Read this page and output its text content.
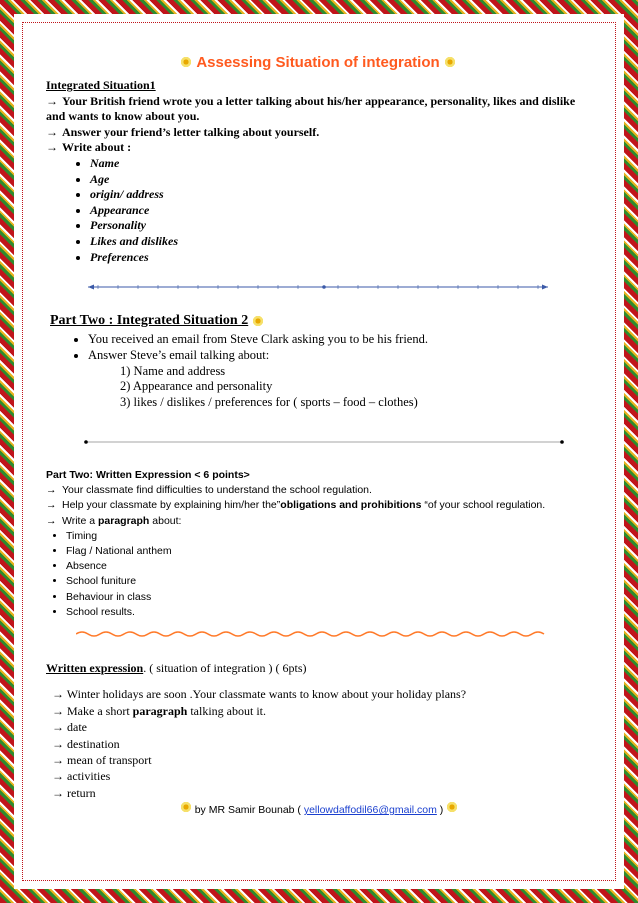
Assessing Situation of integration
Integrated Situation1
→ Your British friend wrote you a letter talking about his/her appearance, personality, likes and dislike
and wants to know about you.
→ Answer your friend’s letter talking about yourself.
→ Write about :
• Name
• Age
• origin/ address
• Appearance
• Personality
• Likes and dislikes
• Preferences
Part Two : Integrated Situation 2
• You received an email from Steve Clark asking you to be his friend.
• Answer Steve’s email talking about:
1) Name and address
2) Appearance and personality
3) likes / dislikes / preferences for ( sports – food – clothes)
Part Two: Written Expression < 6 points>
→ Your classmate find difficulties to understand the school regulation.
→ Help your classmate by explaining him/her the”obligations and prohibitions “of your school regulation.
→ Write a paragraph about:
• Timing
• Flag / National anthem
• Absence
• School funiture
• Behaviour in class
• School results.
Written expression. ( situation of integration ) ( 6pts)
→ Winter holidays are soon .Your classmate wants to know about your holiday plans?
→ Make a short paragraph talking about it.
→ date
→ destination
→ mean of transport
→ activities
→ return
by MR Samir Bounab ( yellowdaffodil66@gmail.com )
